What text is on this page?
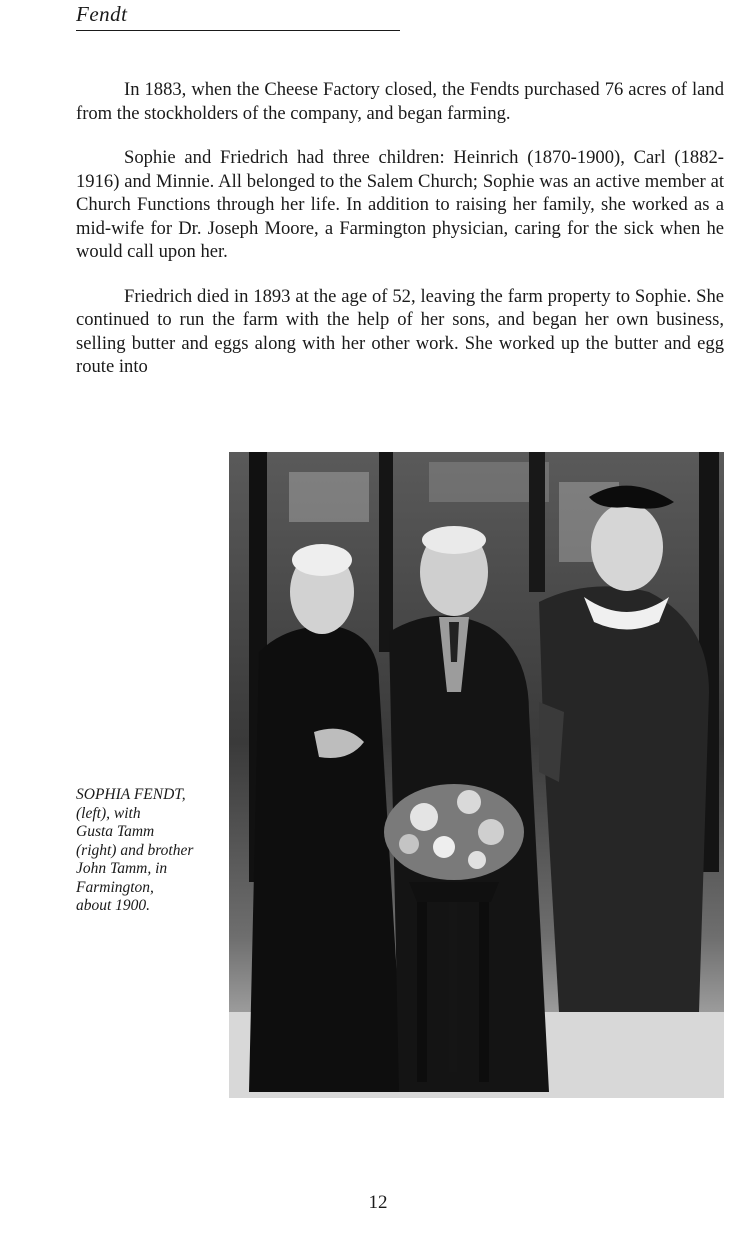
Fendt

In 1883, when the Cheese Factory closed, the Fendts purchased 76 acres of land from the stockholders of the company, and began farming.

Sophie and Friedrich had three children: Heinrich (1870-1900), Carl (1882-1916) and Minnie. All belonged to the Salem Church; Sophie was an active member at Church Functions through her life. In addition to raising her family, she worked as a mid-wife for Dr. Joseph Moore, a Farmington physician, caring for the sick when he would call upon her.

Friedrich died in 1893 at the age of 52, leaving the farm property to Sophie. She continued to run the farm with the help of her sons, and began her own business, selling butter and eggs along with her other work. She worked up the butter and egg route into

SOPHIA FENDT,
(left), with
Gusta Tamm
(right) and brother
John Tamm, in
Farmington,
about 1900.
12
